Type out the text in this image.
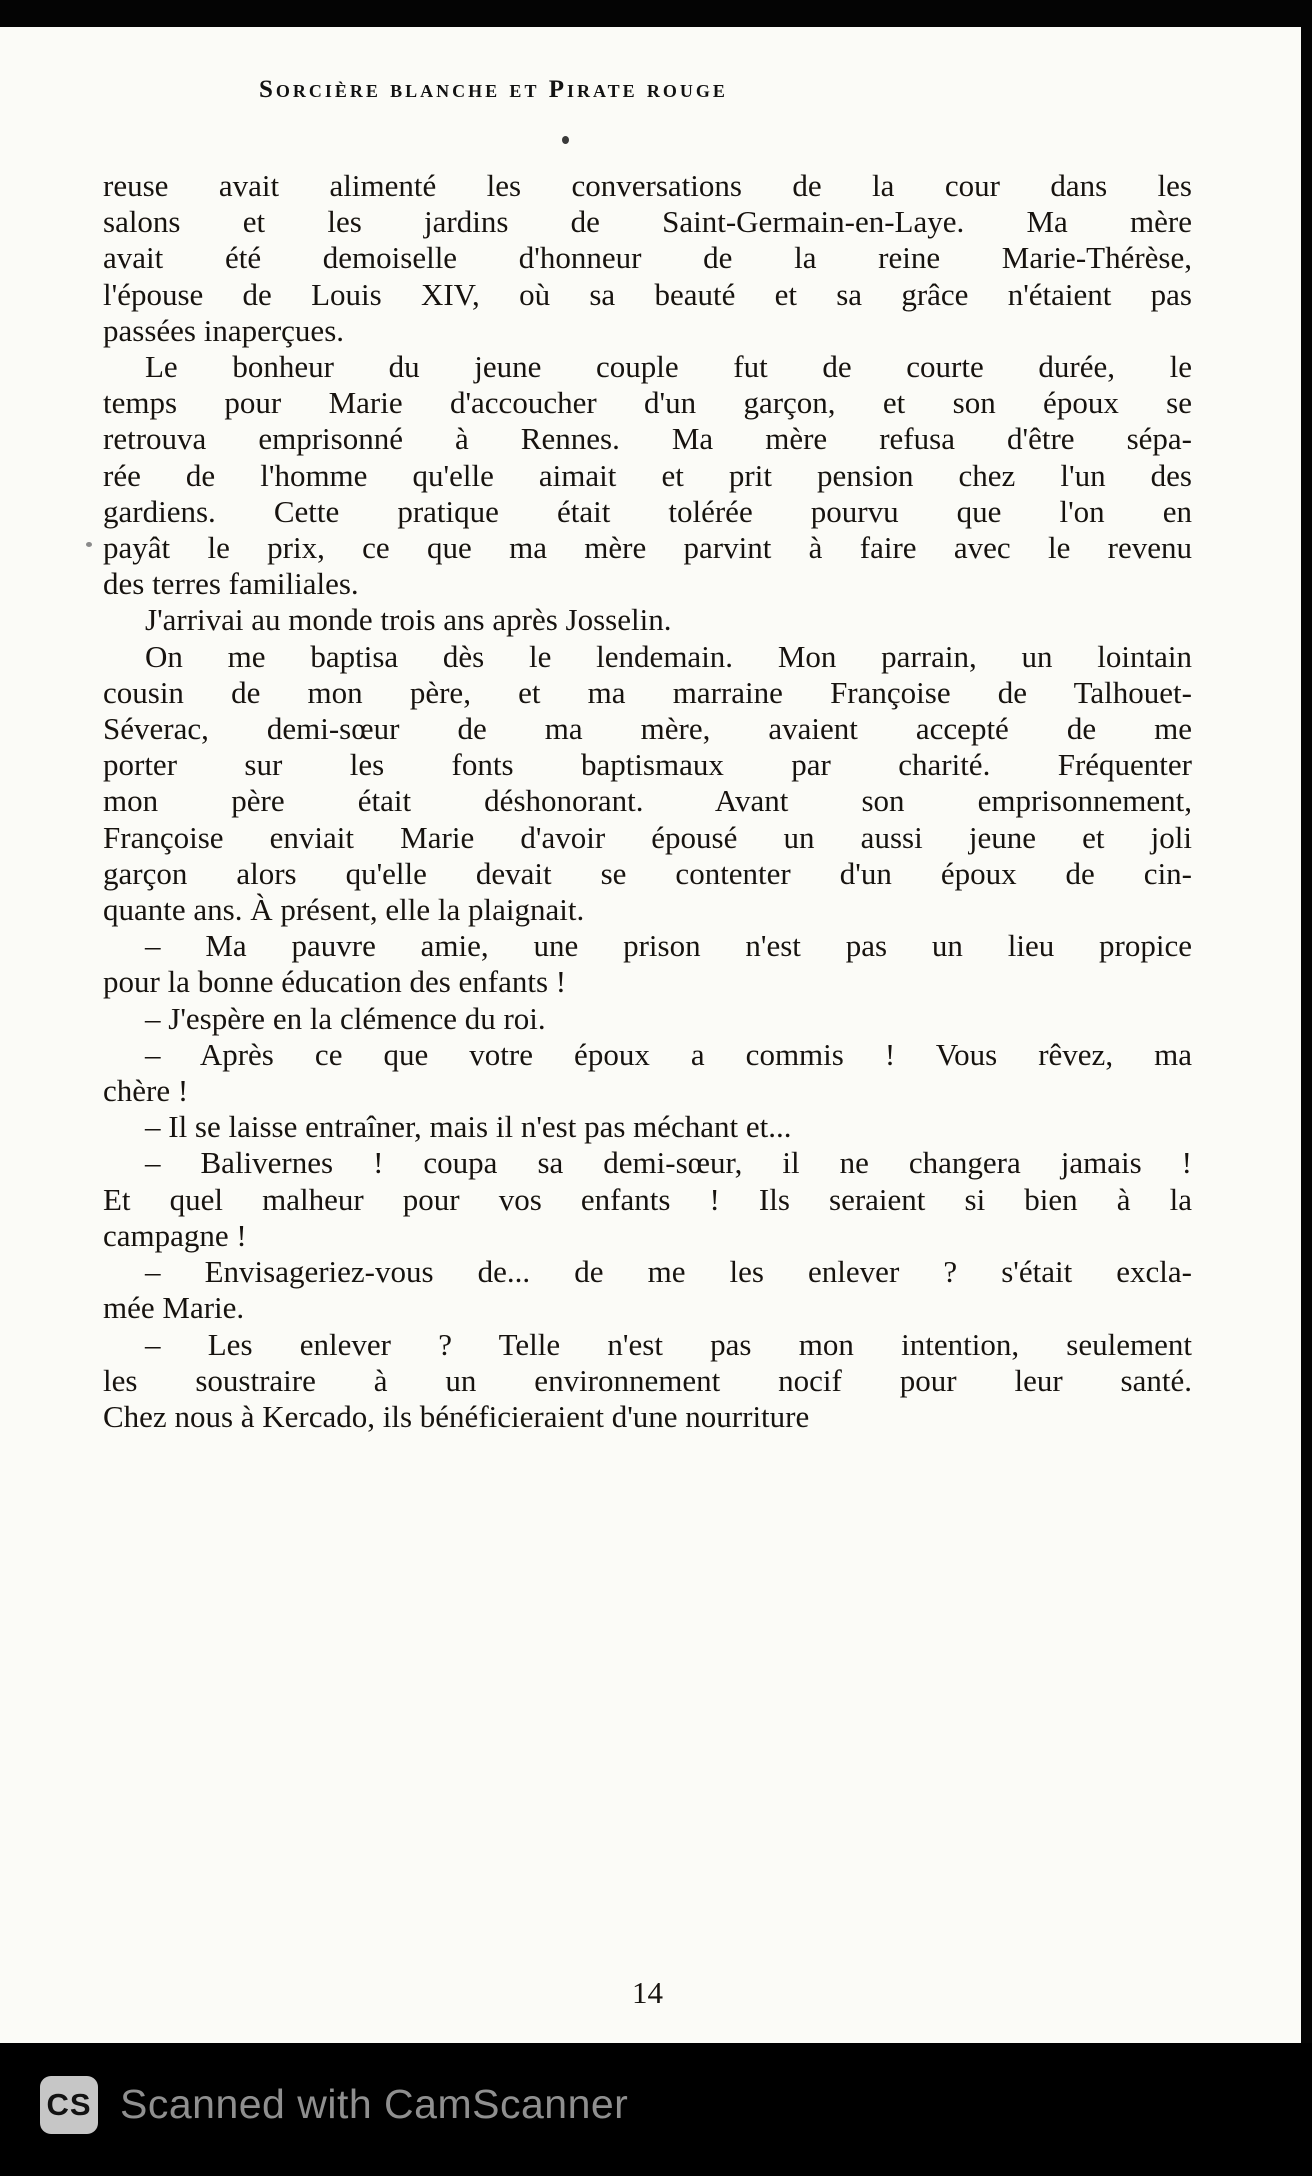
Sorcière blanche et Pirate rouge
reuse avait alimenté les conversations de la cour dans les
salons et les jardins de Saint-Germain-en-Laye. Ma mère
avait été demoiselle d'honneur de la reine Marie-Thérèse,
l'épouse de Louis XIV, où sa beauté et sa grâce n'étaient pas
passées inaperçues.
Le bonheur du jeune couple fut de courte durée, le
temps pour Marie d'accoucher d'un garçon, et son époux se
retrouva emprisonné à Rennes. Ma mère refusa d'être sépa-
rée de l'homme qu'elle aimait et prit pension chez l'un des
gardiens. Cette pratique était tolérée pourvu que l'on en
payât le prix, ce que ma mère parvint à faire avec le revenu
des terres familiales.
J'arrivai au monde trois ans après Josselin.
On me baptisa dès le lendemain. Mon parrain, un lointain
cousin de mon père, et ma marraine Françoise de Talhouet-
Séverac, demi-sœur de ma mère, avaient accepté de me
porter sur les fonts baptismaux par charité. Fréquenter
mon père était déshonorant. Avant son emprisonnement,
Françoise enviait Marie d'avoir épousé un aussi jeune et joli
garçon alors qu'elle devait se contenter d'un époux de cin-
quante ans. À présent, elle la plaignait.
– Ma pauvre amie, une prison n'est pas un lieu propice
pour la bonne éducation des enfants !
– J'espère en la clémence du roi.
– Après ce que votre époux a commis ! Vous rêvez, ma
chère !
– Il se laisse entraîner, mais il n'est pas méchant et...
– Balivernes ! coupa sa demi-sœur, il ne changera jamais !
Et quel malheur pour vos enfants ! Ils seraient si bien à la
campagne !
– Envisageriez-vous de... de me les enlever ? s'était excla-
mée Marie.
– Les enlever ? Telle n'est pas mon intention, seulement
les soustraire à un environnement nocif pour leur santé.
Chez nous à Kercado, ils bénéficieraient d'une nourriture
14
CS Scanned with CamScanner
